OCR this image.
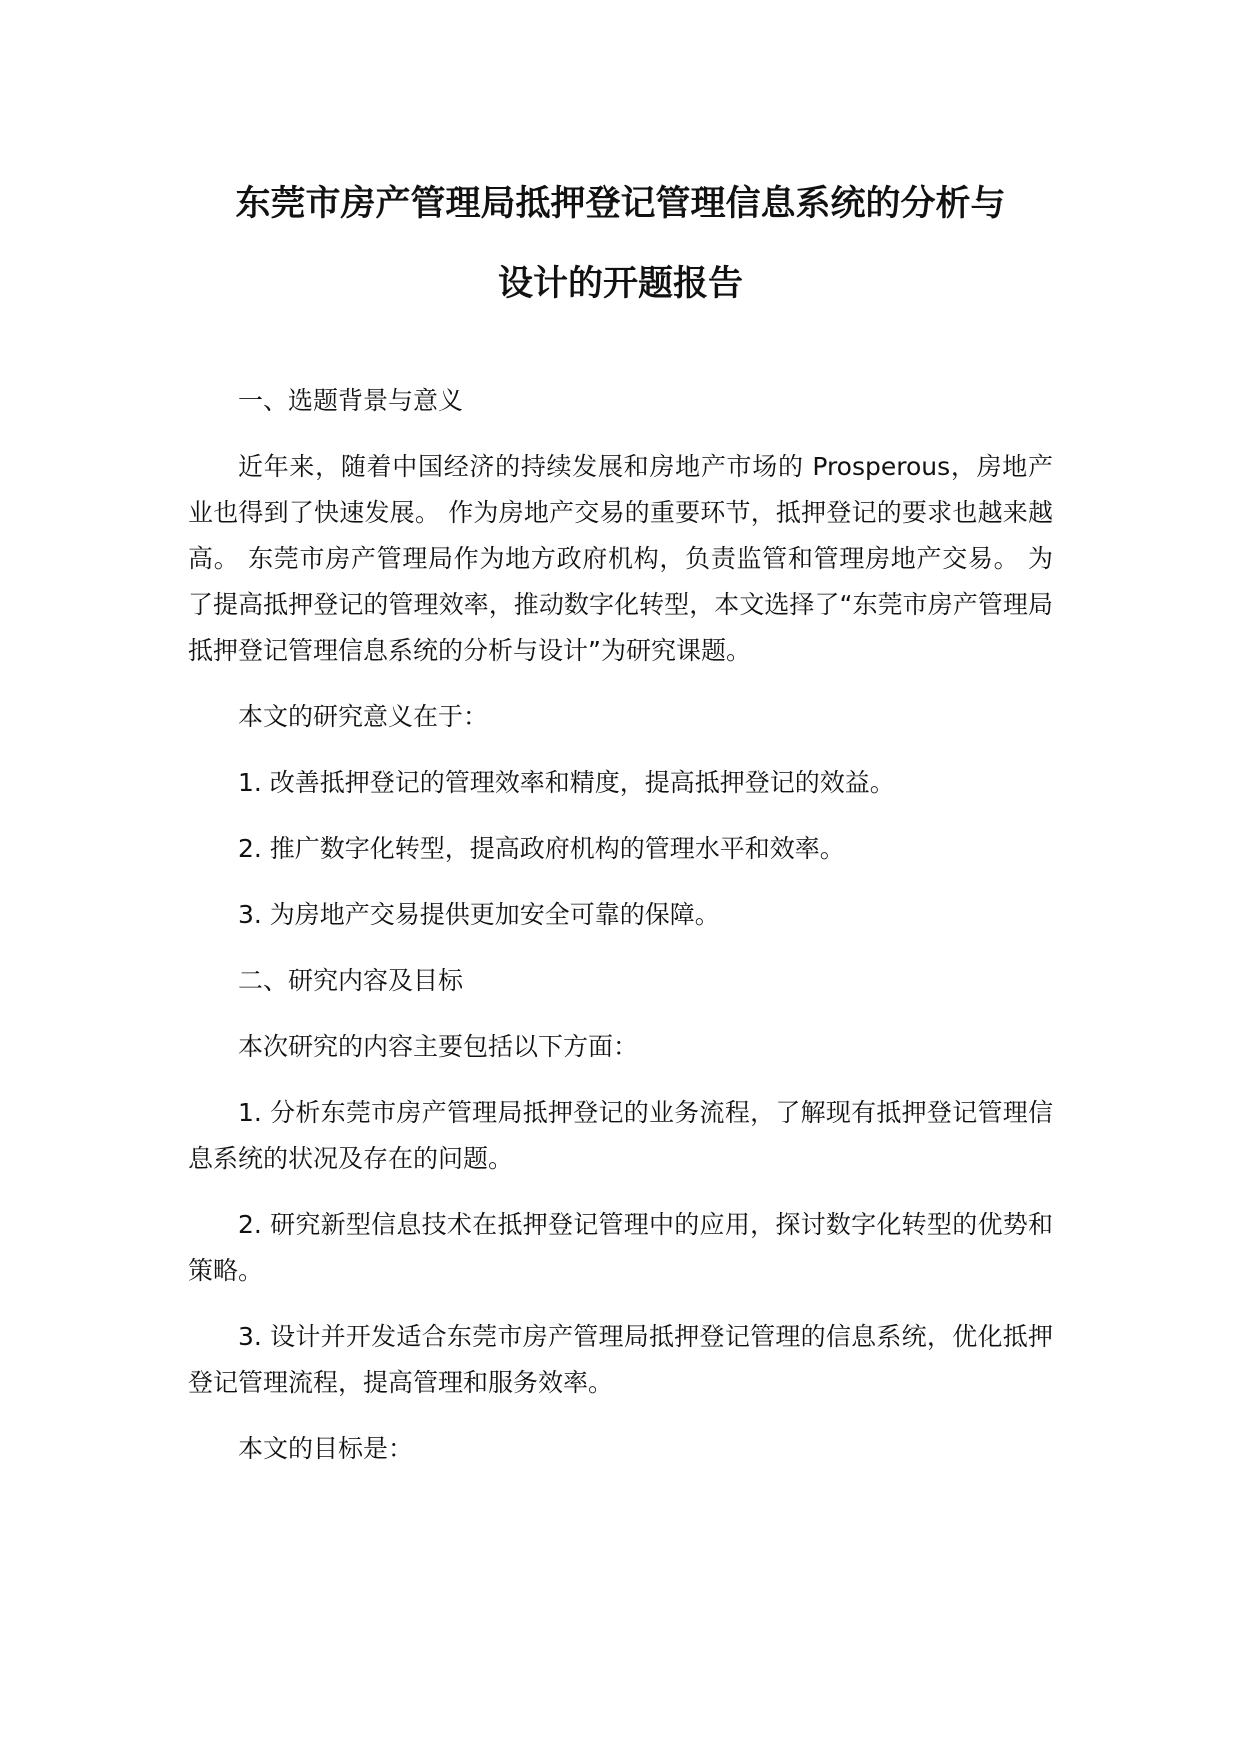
东莞市房产管理局抵押登记管理信息系统的分析与
设计的开题报告

一、选题背景与意义

近年来，随着中国经济的持续发展和房地产市场的 Prosperous，房地产业也得到了快速发展。 作为房地产交易的重要环节，抵押登记的要求也越来越高。 东莞市房产管理局作为地方政府机构，负责监管和管理房地产交易。 为了提高抵押登记的管理效率，推动数字化转型，本文选择了“东莞市房产管理局抵押登记管理信息系统的分析与设计”为研究课题。

本文的研究意义在于：

1. 改善抵押登记的管理效率和精度，提高抵押登记的效益。

2. 推广数字化转型，提高政府机构的管理水平和效率。

3. 为房地产交易提供更加安全可靠的保障。

二、研究内容及目标

本次研究的内容主要包括以下方面：

1. 分析东莞市房产管理局抵押登记的业务流程，了解现有抵押登记管理信息系统的状况及存在的问题。

2. 研究新型信息技术在抵押登记管理中的应用，探讨数字化转型的优势和策略。

3. 设计并开发适合东莞市房产管理局抵押登记管理的信息系统，优化抵押登记管理流程，提高管理和服务效率。

本文的目标是：
